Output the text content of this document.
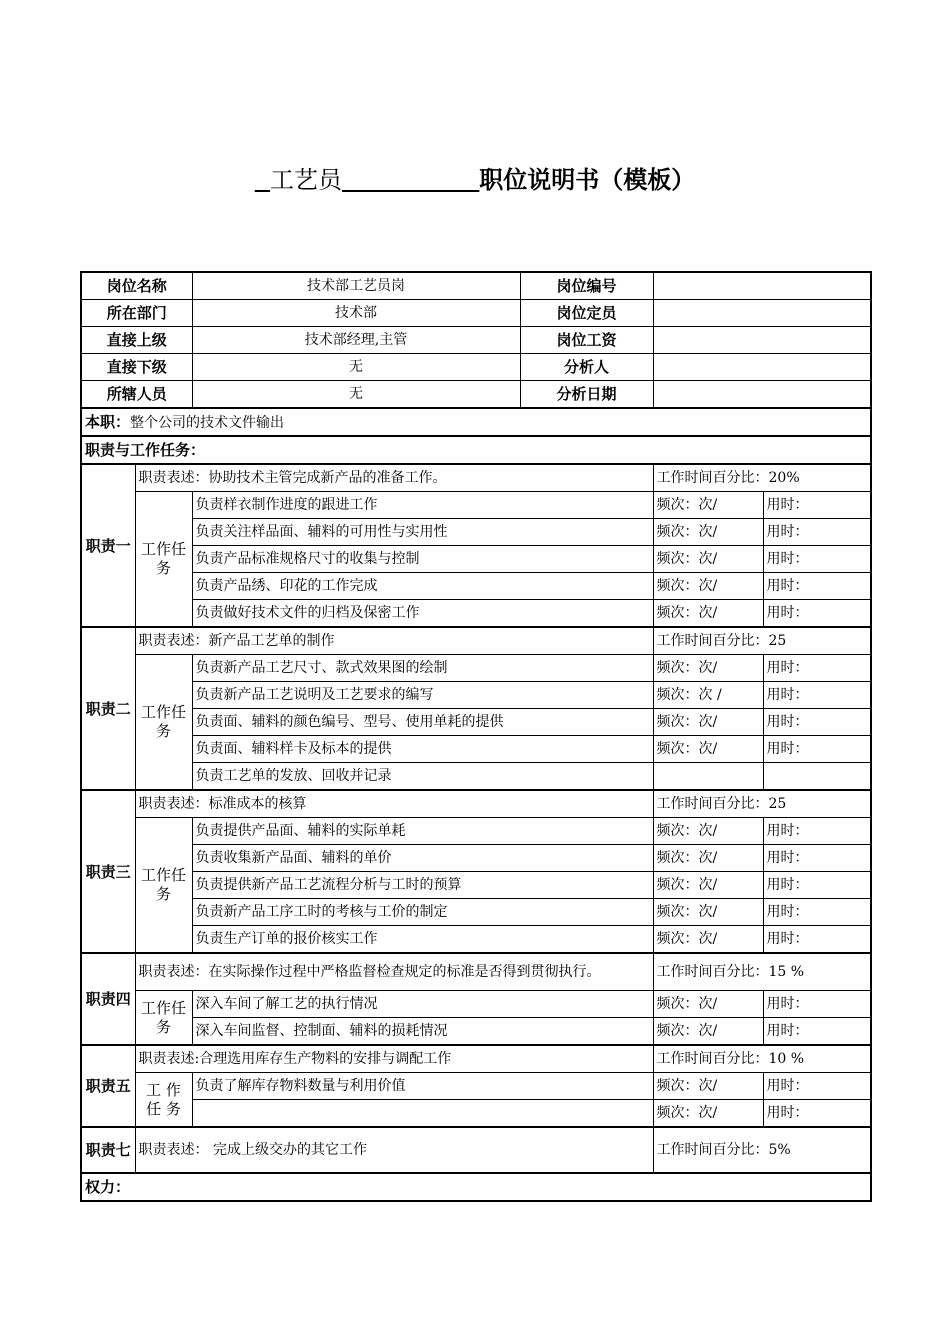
工艺员	职位说明书（模板）
岗位名称		技术部工艺员岗	岗位编号		
所在部门		技术部	岗位定员		
直接上级		技术部经理,主管	岗位工资		
直接下级		无	分析人		
所辖人员		无	分析日期		
本职：整个公司的技术文件输出					
职责与工作任务：					
职责一	职责表述：协助技术主管完成新产品的准备工作。			工作时间百分比：20%	
	工作任务	负责样衣制作进度的跟进工作		频次：次/	用时：
		负责关注样品面、辅料的可用性与实用性		频次：次/	用时：
		负责产品标准规格尺寸的收集与控制		频次：次/	用时：
		负责产品绣、印花的工作完成		频次：次/	用时：
		负责做好技术文件的归档及保密工作		频次：次/	用时：
职责二	职责表述：新产品工艺单的制作			工作时间百分比：25	
	工作任务	负责新产品工艺尺寸、款式效果图的绘制		频次：次/	用时：
		负责新产品工艺说明及工艺要求的编写		频次：次 /	用时：
		负责面、辅料的颜色编号、型号、使用单耗的提供		频次：次/	用时：
		负责面、辅料样卡及标本的提供		频次：次/	用时：
		负责工艺单的发放、回收并记录			
职责三	职责表述：标准成本的核算			工作时间百分比：25	
	工作任务	负责提供产品面、辅料的实际单耗		频次：次/	用时：
		负责收集新产品面、辅料的单价		频次：次/	用时：
		负责提供新产品工艺流程分析与工时的预算		频次：次/	用时：
		负责新产品工序工时的考核与工价的制定		频次：次/	用时：
		负责生产订单的报价核实工作		频次：次/	用时：
职责四	职责表述：在实际操作过程中严格监督检查规定的标准是否得到贯彻执行。			工作时间百分比：15 %	
	工作任务	深入车间了解工艺的执行情况		频次：次/	用时：
		深入车间监督、控制面、辅料的损耗情况		频次：次/	用时：
职责五	职责表述:合理选用库存生产物料的安排与调配工作			工作时间百分比：10 %	
	工 作 任 务	负责了解库存物料数量与利用价值		频次：次/	用时：
				频次：次/	用时：
职责七	职责表述： 完成上级交办的其它工作			工作时间百分比：5%	
权力：					
